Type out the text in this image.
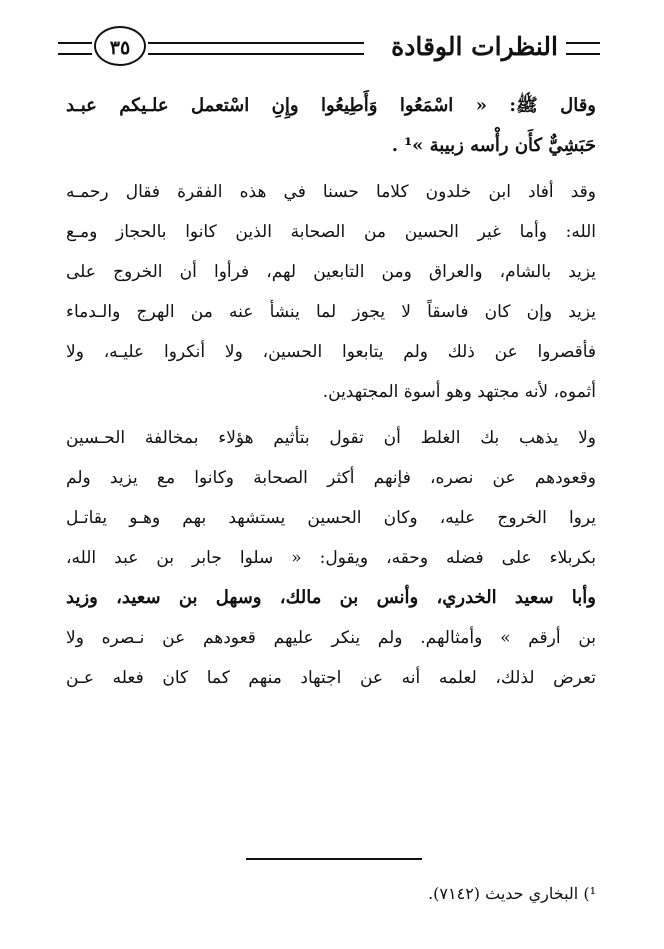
النظرات الوقادة
٣٥
وقال ﷺ: « اسْمَعُوا وَأَطِيعُوا وإِنِ اسْتعمل علـيكم عبـد
حَبَشِيٌّ كأَن رأْسه زبيبة »¹ .
وقد أفاد ابن خلدون كلاما حسنا في هذه الفقرة فقال رحمـه
الله: وأما غير الحسين من الصحابة الذين كانوا بالحجاز ومـع
يزيد بالشام، والعراق ومن التابعين لهم، فرأوا أن الخروج على
يزيد وإن كان فاسقاً لا يجوز لما ينشأ عنه من الهرج والـدماء
فأقصروا عن ذلك ولم يتابعوا الحسين، ولا أنكروا عليـه، ولا
أثموه، لأنه مجتهد وهو أسوة المجتهدين.
ولا يذهب بك الغلط أن تقول بتأثيم هؤلاء بمخالفة الحـسين
وقعودهم عن نصره، فإنهم أكثر الصحابة وكانوا مع يزيد ولم
يروا الخروج عليه، وكان الحسين يستشهد بهم وهـو يقاتـل
بكربلاء على فضله وحقه، ويقول: « سلوا جابر بن عبد الله،
وأبا سعيد الخدري، وأنس بن مالك، وسهل بن سعيد، وزيد
بن أرقم » وأمثالهم. ولم ينكر عليهم قعودهم عن نـصره ولا
تعرض لذلك، لعلمه أنه عن اجتهاد منهم كما كان فعله عـن
¹) البخاري حديث (٧١٤٢).
